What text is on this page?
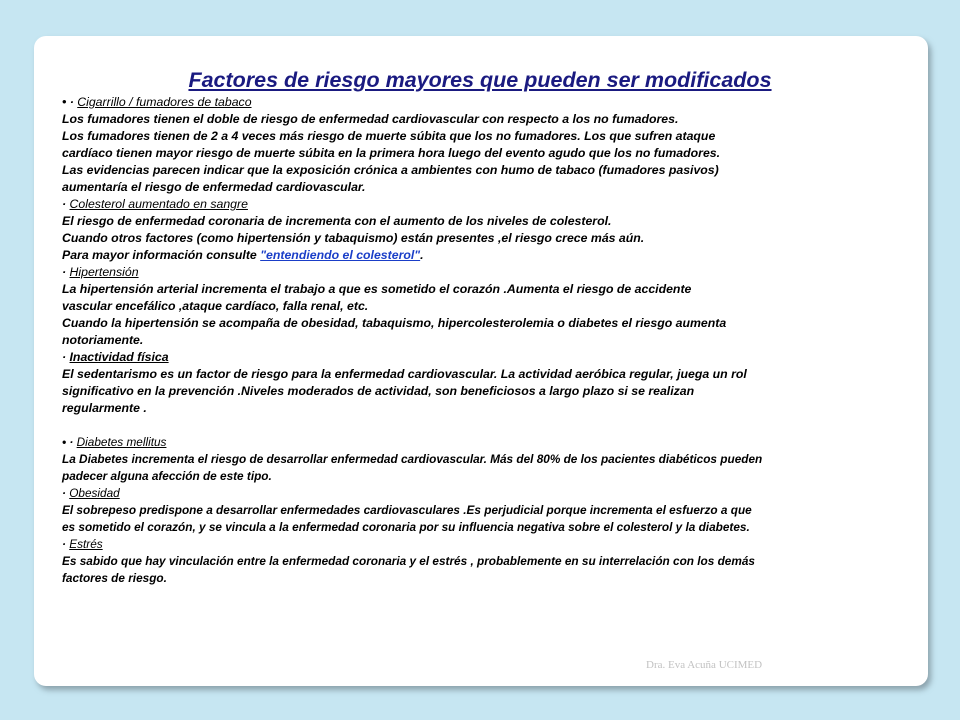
Factores de riesgo mayores que pueden ser modificados

• · Cigarrillo / fumadores de tabaco

Los fumadores tienen el doble de riesgo de enfermedad cardiovascular con respecto a los no fumadores.

Los fumadores tienen de 2 a 4 veces más riesgo de muerte súbita que los no fumadores. Los que sufren ataque

cardíaco tienen mayor riesgo de muerte súbita en la primera hora luego del evento agudo que los no fumadores.

Las evidencias parecen indicar que la exposición crónica a ambientes con humo de tabaco (fumadores pasivos)

aumentaría el riesgo de enfermedad cardiovascular.

· Colesterol aumentado en sangre

El riesgo de enfermedad coronaria de incrementa con el aumento de los niveles de colesterol.

Cuando otros factores (como hipertensión y tabaquismo) están presentes ,el riesgo crece más aún.

Para mayor información consulte "entendiendo el colesterol".

· Hipertensión

La hipertensión arterial incrementa el trabajo a que es sometido el corazón .Aumenta el riesgo de accidente

vascular encefálico ,ataque cardíaco, falla renal, etc.

Cuando la hipertensión se acompaña de obesidad, tabaquismo, hipercolesterolemia o diabetes el riesgo aumenta

notoriamente.

· Inactividad física

El sedentarismo es un factor de riesgo para la enfermedad cardiovascular. La actividad aeróbica regular, juega un rol

significativo en la prevención .Niveles moderados de actividad, son beneficiosos a largo plazo si se realizan

regularmente .

• · Diabetes mellitus

La Diabetes incrementa el riesgo de desarrollar enfermedad cardiovascular. Más del 80% de los pacientes diabéticos pueden

padecer alguna afección de este tipo.

· Obesidad

El sobrepeso predispone a desarrollar enfermedades cardiovasculares .Es perjudicial porque incrementa el esfuerzo a que

es sometido el corazón, y se vincula a la enfermedad coronaria por su influencia negativa sobre el colesterol y la diabetes.

· Estrés

Es sabido que hay vinculación entre la enfermedad coronaria y el estrés , probablemente en su interrelación con los demás

factores de riesgo.

Dra. Eva Acuña UCIMED
